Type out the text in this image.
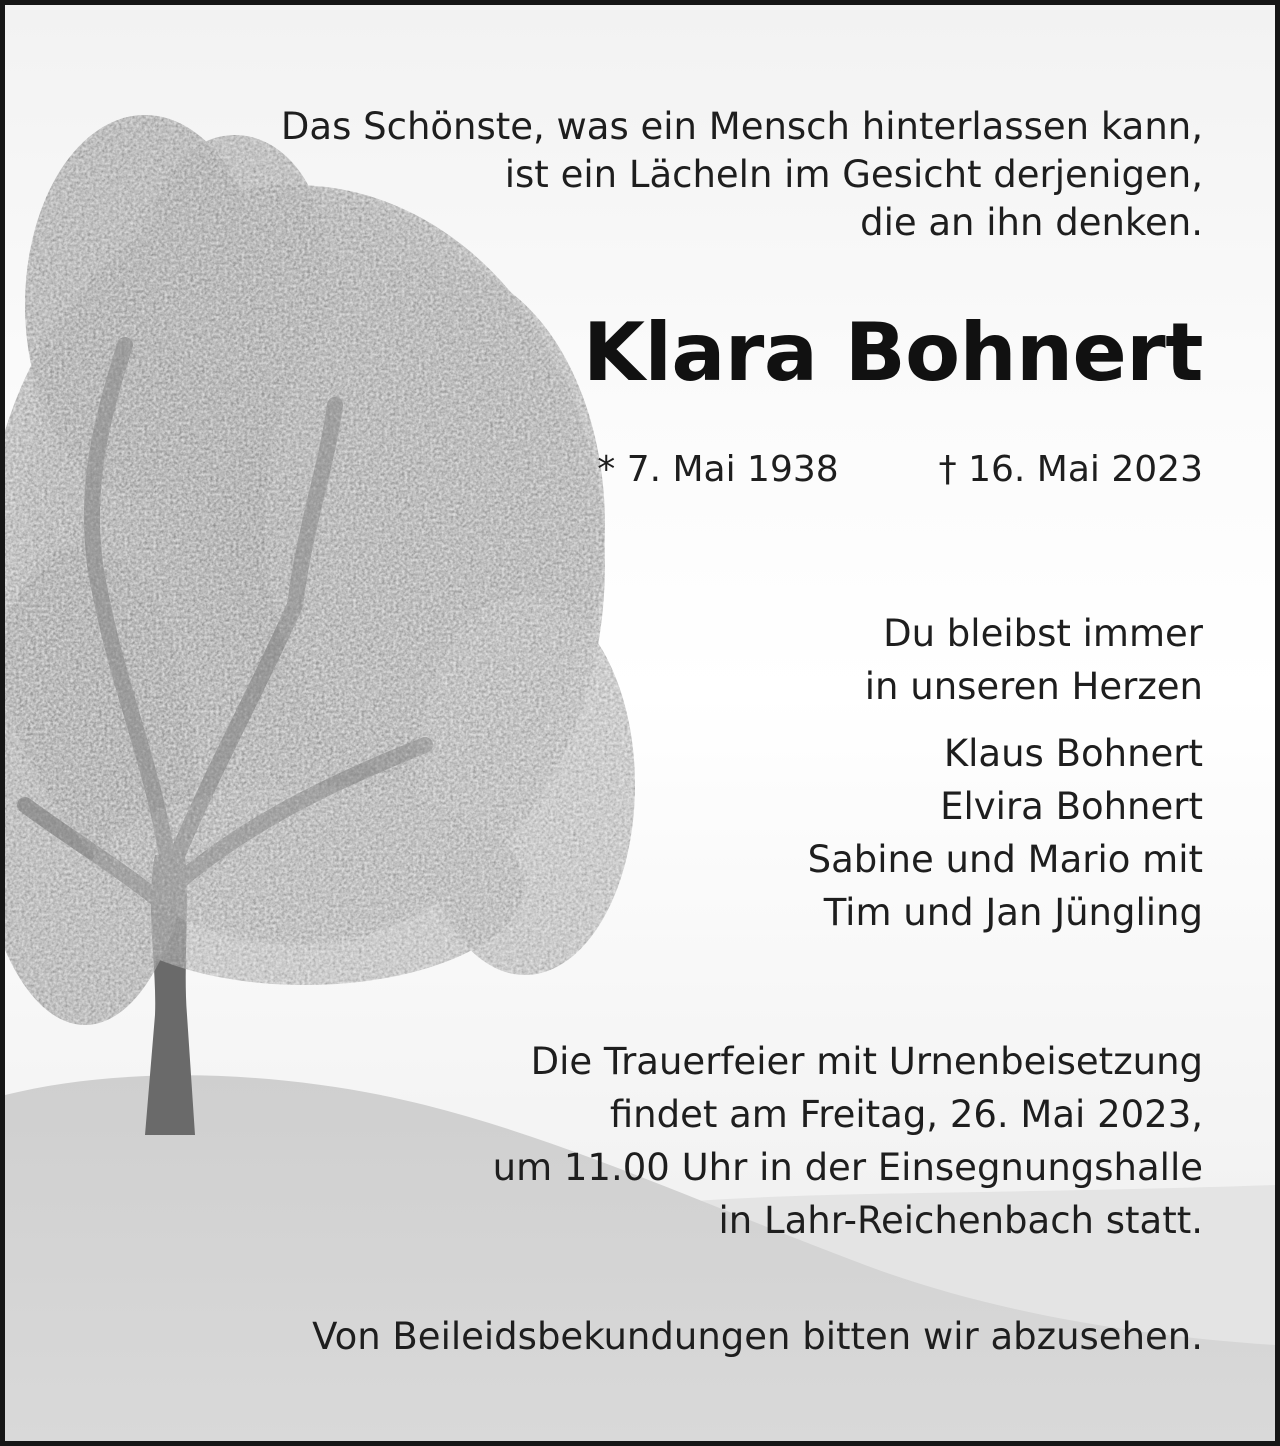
Das Schönste, was ein Mensch hinterlassen kann,
ist ein Lächeln im Gesicht derjenigen,
die an ihn denken.
Klara Bohnert
* 7. Mai 1938	† 16. Mai 2023
Du bleibst immer
in unseren Herzen
Klaus Bohnert
Elvira Bohnert
Sabine und Mario mit
Tim und Jan Jüngling
Die Trauerfeier mit Urnenbeisetzung
findet am Freitag, 26. Mai 2023,
um 11.00 Uhr in der Einsegnungshalle
in Lahr-Reichenbach statt.
Von Beileidsbekundungen bitten wir abzusehen.
